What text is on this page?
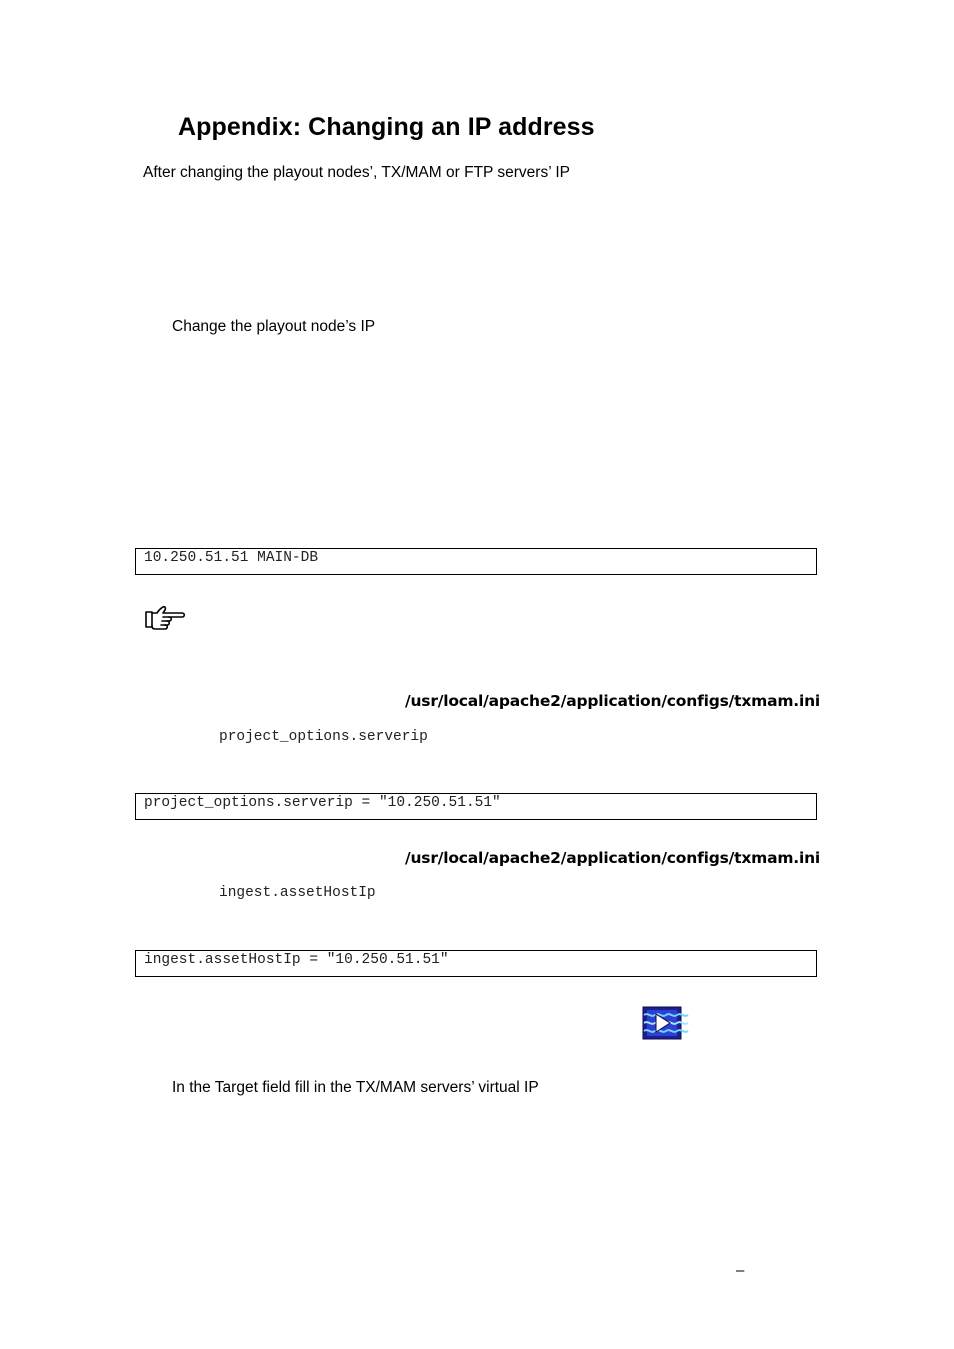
Appendix: Changing an IP address
After changing the playout nodes’, TX/MAM or FTP servers’ IP
Change the playout node’s IP
10.250.51.51 MAIN-DB
/usr/local/apache2/application/configs/txmam.ini
project_options.serverip
project_options.serverip = "10.250.51.51"
/usr/local/apache2/application/configs/txmam.ini
ingest.assetHostIp
ingest.assetHostIp = "10.250.51.51"
In the Target field fill in the TX/MAM servers’ virtual IP
–
